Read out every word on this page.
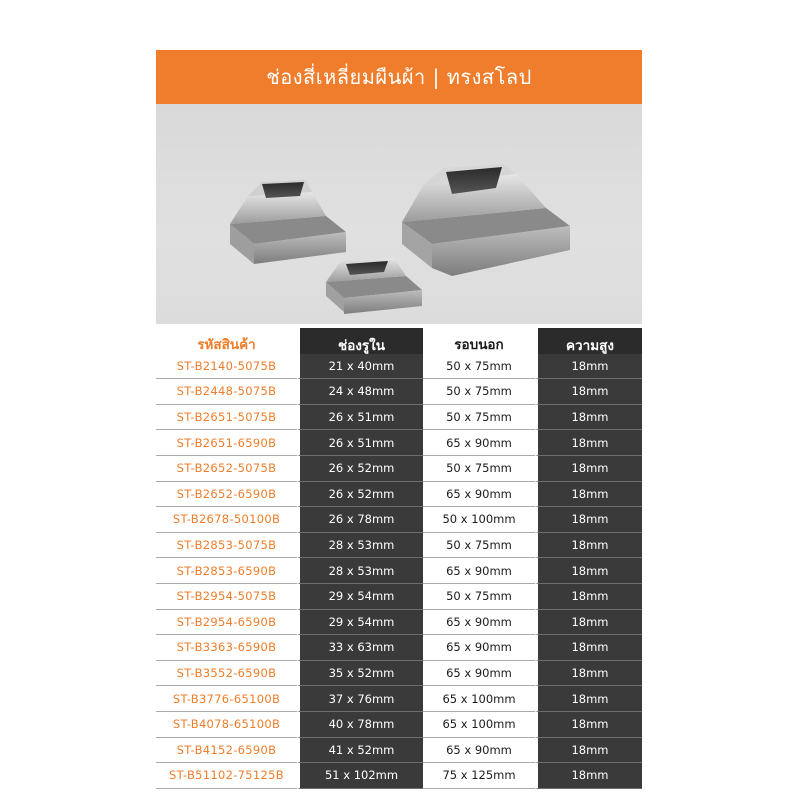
ช่องสี่เหลี่ยมผืนผ้า | ทรงสโลป
รหัสสินค้า	ช่องรูใน	รอบนอก	ความสูง
ST-B2140-5075B	21 x 40mm	50 x 75mm	18mm
ST-B2448-5075B	24 x 48mm	50 x 75mm	18mm
ST-B2651-5075B	26 x 51mm	50 x 75mm	18mm
ST-B2651-6590B	26 x 51mm	65 x 90mm	18mm
ST-B2652-5075B	26 x 52mm	50 x 75mm	18mm
ST-B2652-6590B	26 x 52mm	65 x 90mm	18mm
ST-B2678-50100B	26 x 78mm	50 x 100mm	18mm
ST-B2853-5075B	28 x 53mm	50 x 75mm	18mm
ST-B2853-6590B	28 x 53mm	65 x 90mm	18mm
ST-B2954-5075B	29 x 54mm	50 x 75mm	18mm
ST-B2954-6590B	29 x 54mm	65 x 90mm	18mm
ST-B3363-6590B	33 x 63mm	65 x 90mm	18mm
ST-B3552-6590B	35 x 52mm	65 x 90mm	18mm
ST-B3776-65100B	37 x 76mm	65 x 100mm	18mm
ST-B4078-65100B	40 x 78mm	65 x 100mm	18mm
ST-B4152-6590B	41 x 52mm	65 x 90mm	18mm
ST-B51102-75125B	51 x 102mm	75 x 125mm	18mm
